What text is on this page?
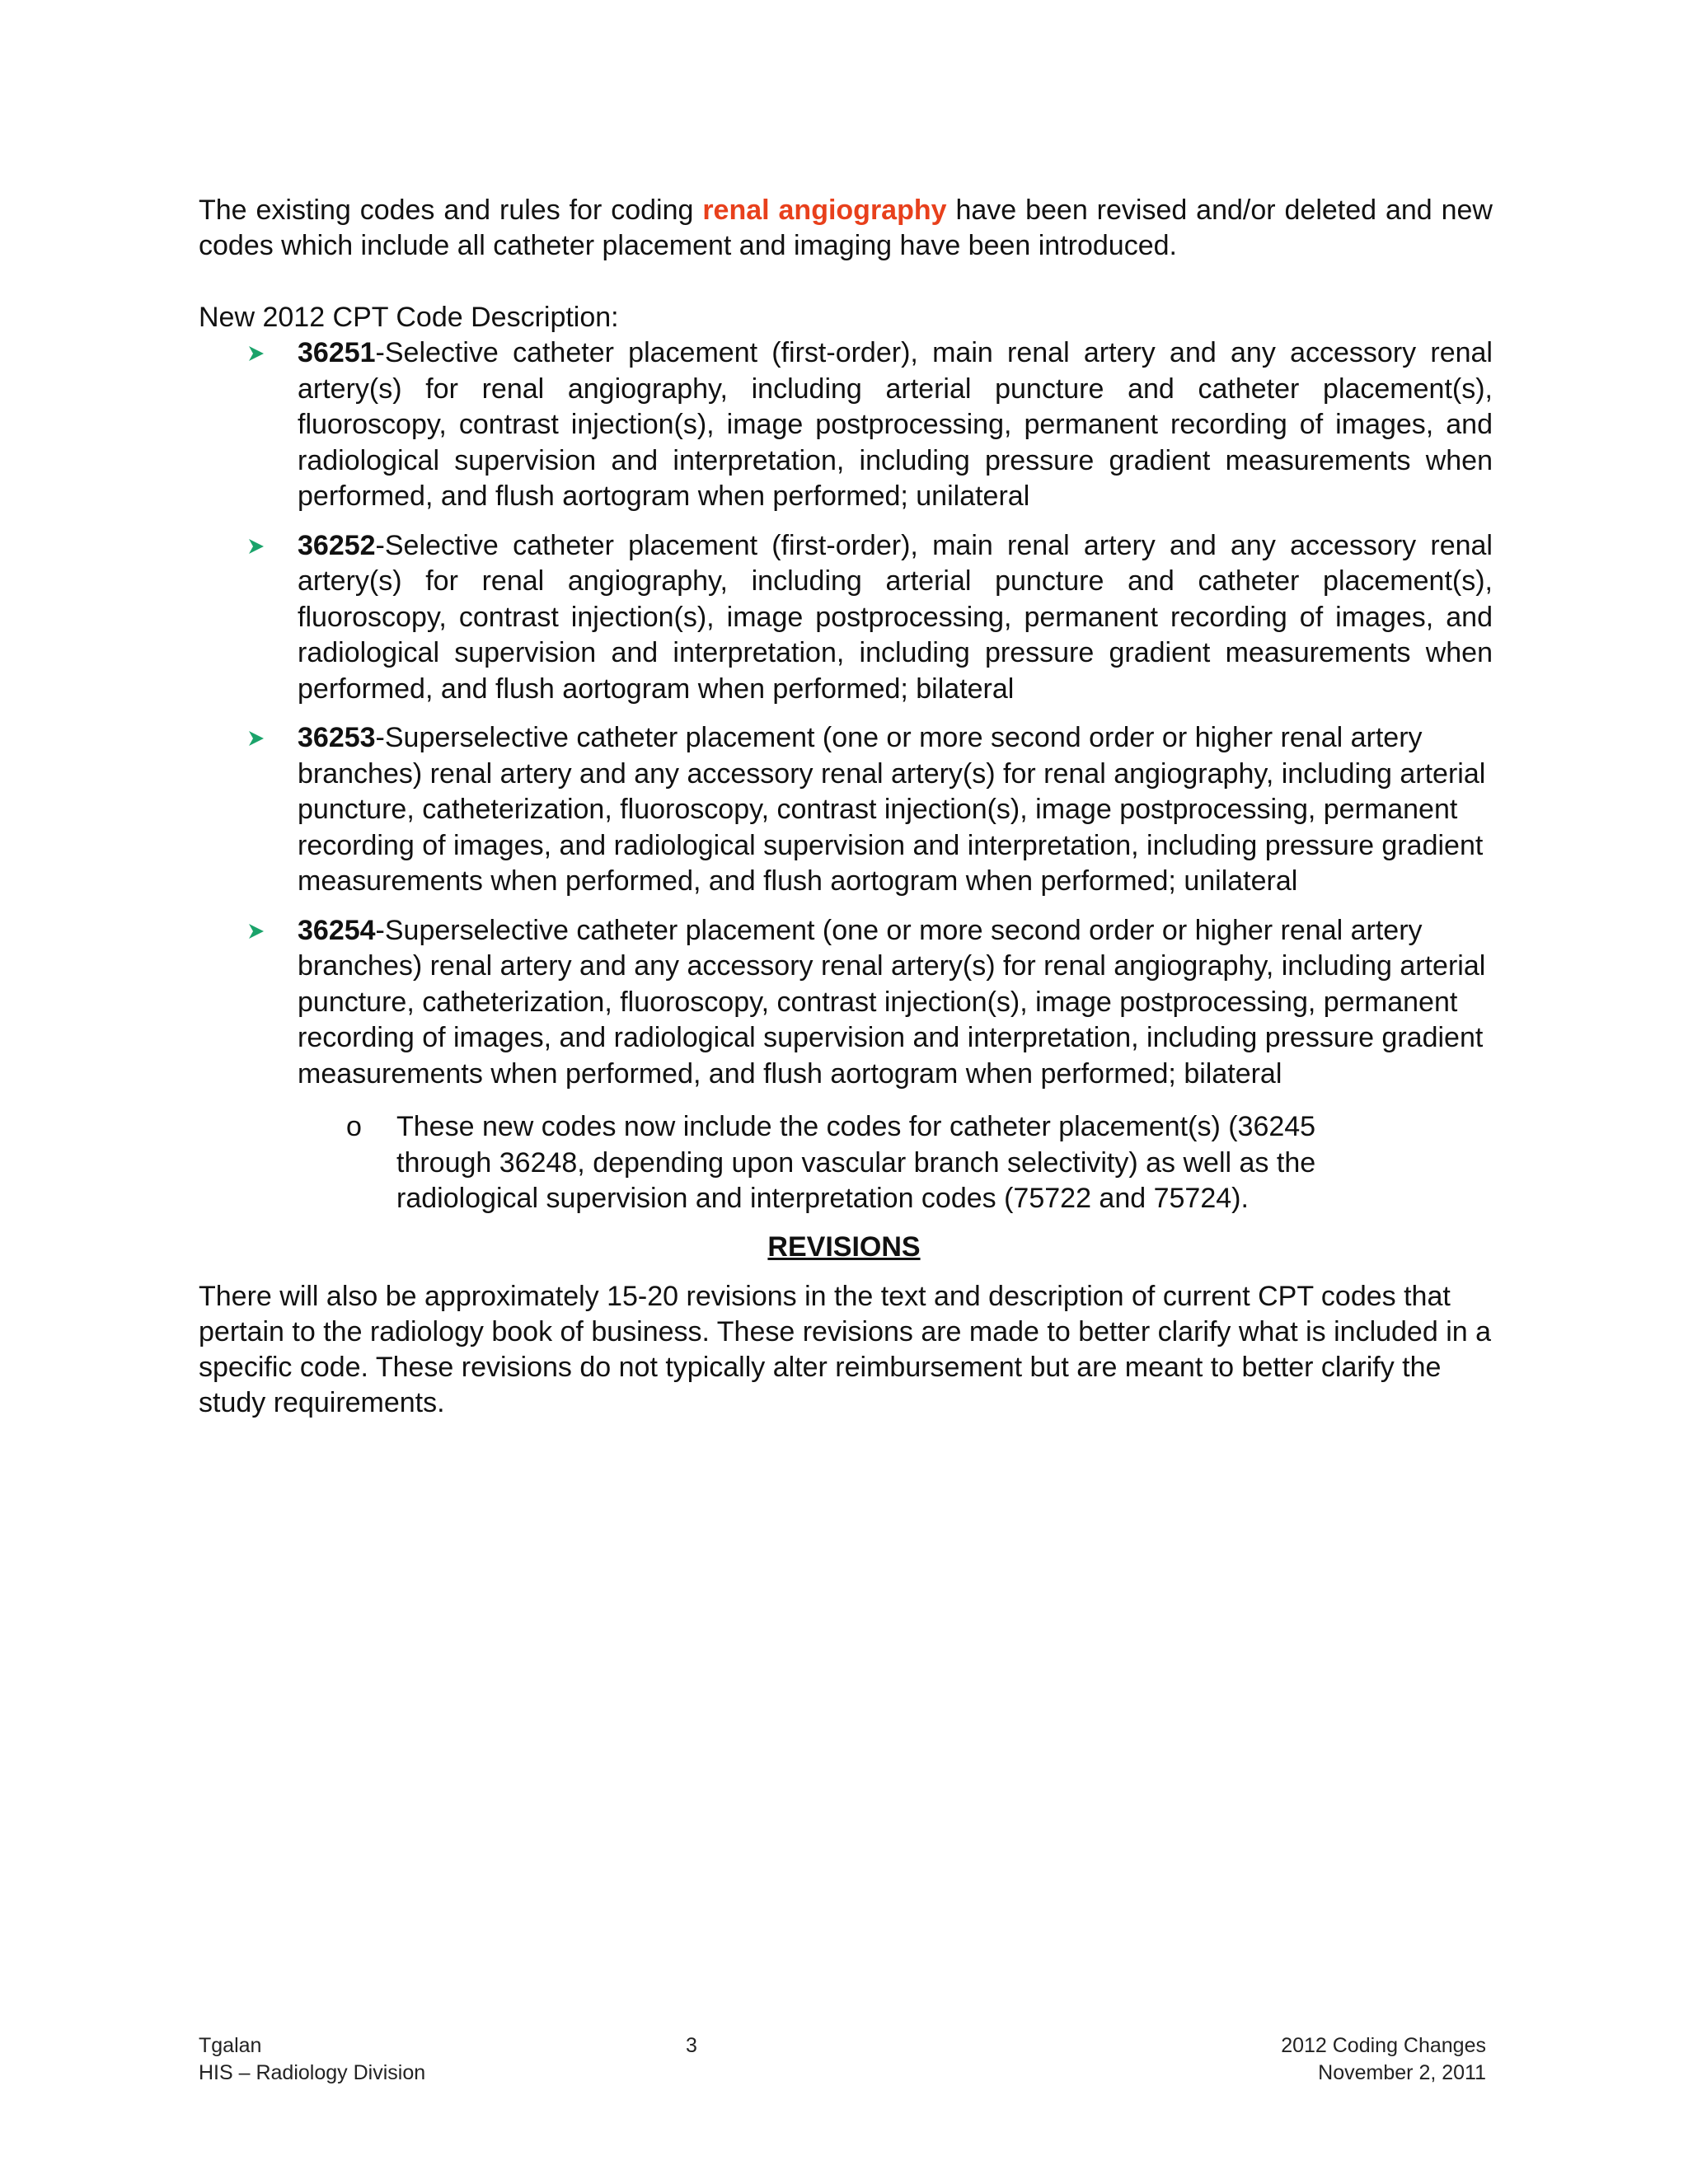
The existing codes and rules for coding renal angiography have been revised and/or deleted and new codes which include all catheter placement and imaging have been introduced.

New 2012 CPT Code Description:
36251-Selective catheter placement (first-order), main renal artery and any accessory renal artery(s) for renal angiography, including arterial puncture and catheter placement(s), fluoroscopy, contrast injection(s), image postprocessing, permanent recording of images, and radiological supervision and interpretation, including pressure gradient measurements when performed, and flush aortogram when performed; unilateral
36252-Selective catheter placement (first-order), main renal artery and any accessory renal artery(s) for renal angiography, including arterial puncture and catheter placement(s), fluoroscopy, contrast injection(s), image postprocessing, permanent recording of images, and radiological supervision and interpretation, including pressure gradient measurements when performed, and flush aortogram when performed; bilateral
36253-Superselective catheter placement (one or more second order or higher renal artery branches) renal artery and any accessory renal artery(s) for renal angiography, including arterial puncture, catheterization, fluoroscopy, contrast injection(s), image postprocessing, permanent recording of images, and radiological supervision and interpretation, including pressure gradient measurements when performed, and flush aortogram when performed; unilateral
36254-Superselective catheter placement (one or more second order or higher renal artery branches) renal artery and any accessory renal artery(s) for renal angiography, including arterial puncture, catheterization, fluoroscopy, contrast injection(s), image postprocessing, permanent recording of images, and radiological supervision and interpretation, including pressure gradient measurements when performed, and flush aortogram when performed; bilateral
o These new codes now include the codes for catheter placement(s) (36245 through 36248, depending upon vascular branch selectivity) as well as the radiological supervision and interpretation codes (75722 and 75724).
REVISIONS

There will also be approximately 15-20 revisions in the text and description of current CPT codes that pertain to the radiology book of business. These revisions are made to better clarify what is included in a specific code. These revisions do not typically alter reimbursement but are meant to better clarify the study requirements.

Tgalan
HIS – Radiology Division
3	2012 Coding Changes
November 2, 2011
